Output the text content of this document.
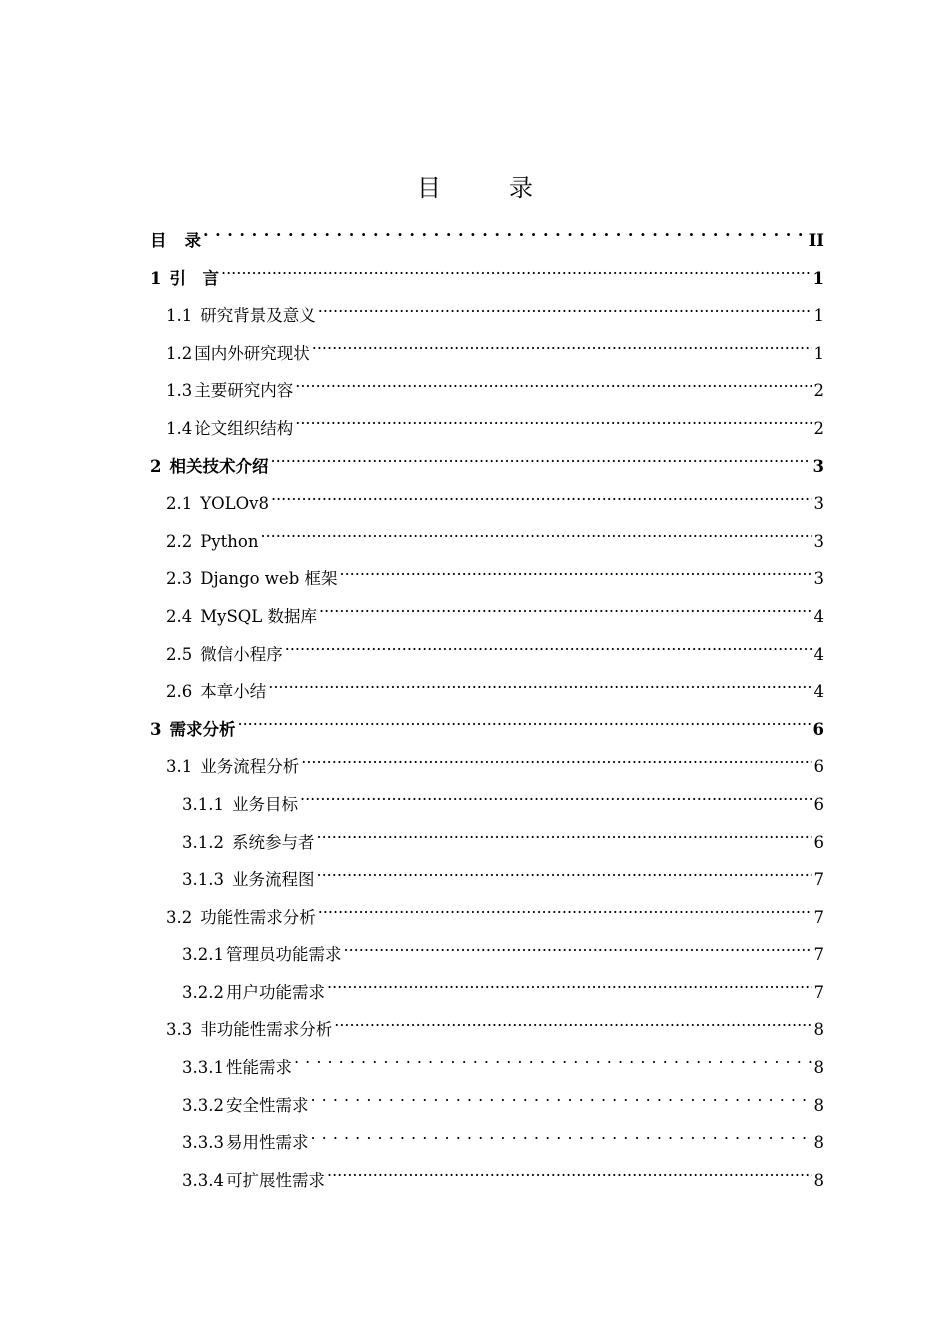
目　录
目 录 . . .	II
1 引　言 .....	1
1.1 研究背景及意义 .....	1
1.2 国内外研究现状 .....	1
1.3 主要研究内容 .....	2
1.4 论文组织结构 .....	2
2 相关技术介绍 .....	3
2.1 YOLOv8 .....	3
2.2 Python .....	3
2.3 Django web 框架 .....	3
2.4 MySQL 数据库 .....	4
2.5 微信小程序 .....	4
2.6 本章小结 .....	4
3 需求分析 .....	6
3.1 业务流程分析 .....	6
3.1.1 业务目标 .....	6
3.1.2 系统参与者 .....	6
3.1.3 业务流程图 .....	7
3.2 功能性需求分析 .....	7
3.2.1 管理员功能需求 .....	7
3.2.2 用户功能需求 .....	7
3.3 非功能性需求分析 .....	8
3.3.1 性能需求 . . .	8
3.3.2 安全性需求 . . .	8
3.3.3 易用性需求 . . .	8
3.3.4 可扩展性需求 .....	8
